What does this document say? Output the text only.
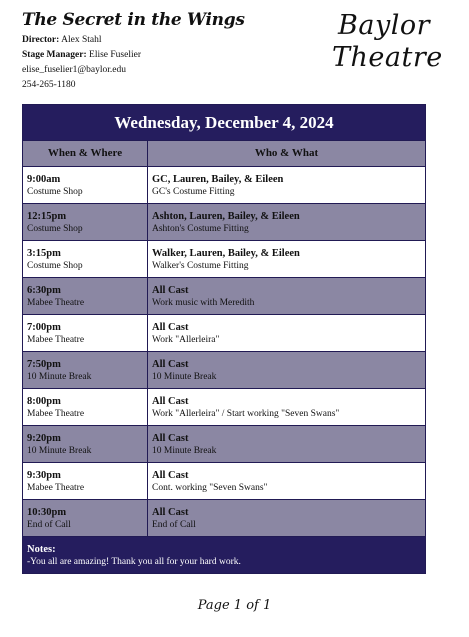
The Secret in the Wings
Director: Alex Stahl
Stage Manager: Elise Fuselier
elise_fuselier1@baylor.edu
254-265-1180
Baylor
Theatre
Wednesday, December 4, 2024
When & Where	Who & What
9:00am
Costume Shop
GC, Lauren, Bailey, & Eileen
GC's Costume Fitting
12:15pm
Costume Shop
Ashton, Lauren, Bailey, & Eileen
Ashton's Costume Fitting
3:15pm
Costume Shop
Walker, Lauren, Bailey, & Eileen
Walker's Costume Fitting
6:30pm
Mabee Theatre
All Cast
Work music with Meredith
7:00pm
Mabee Theatre
All Cast
Work "Allerleira"
7:50pm
10 Minute Break
All Cast
10 Minute Break
8:00pm
Mabee Theatre
All Cast
Work "Allerleira" / Start working "Seven Swans"
9:20pm
10 Minute Break
All Cast
10 Minute Break
9:30pm
Mabee Theatre
All Cast
Cont. working "Seven Swans"
10:30pm
End of Call
All Cast
End of Call
Notes:
-You all are amazing! Thank you all for your hard work.
Page 1 of 1
